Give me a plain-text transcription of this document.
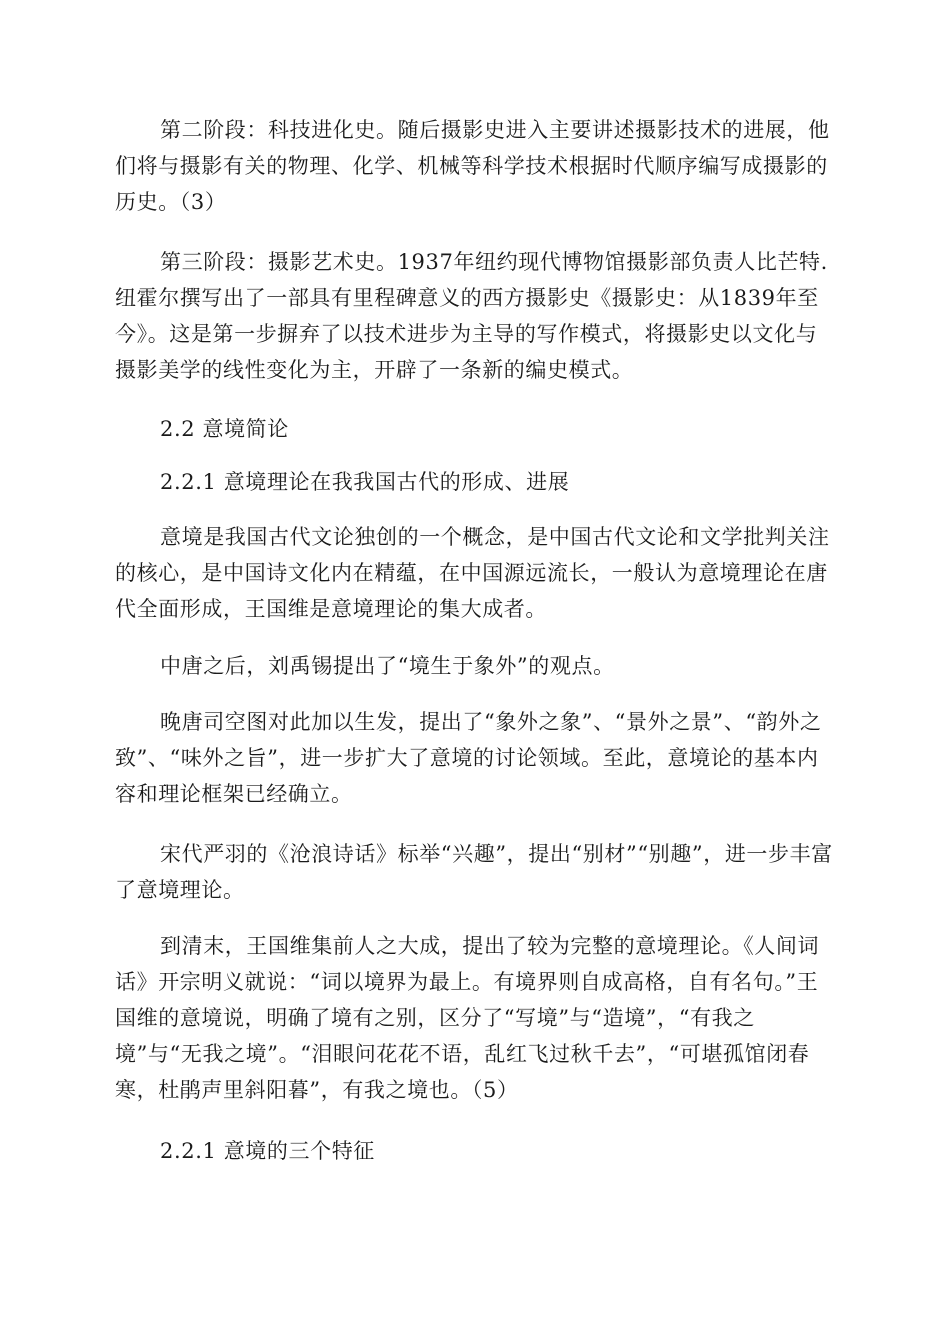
第二阶段：科技进化史。随后摄影史进入主要讲述摄影技术的进展，他们将与摄影有关的物理、化学、机械等科学技术根据时代顺序编写成摄影的历史。（3）

第三阶段：摄影艺术史。1937年纽约现代博物馆摄影部负责人比芒特.纽霍尔撰写出了一部具有里程碑意义的西方摄影史《摄影史：从1839年至今》。这是第一步摒弃了以技术进步为主导的写作模式，将摄影史以文化与摄影美学的线性变化为主，开辟了一条新的编史模式。

2.2 意境简论
2.2.1 意境理论在我我国古代的形成、进展

意境是我国古代文论独创的一个概念，是中国古代文论和文学批判关注的核心，是中国诗文化内在精蕴，在中国源远流长，一般认为意境理论在唐代全面形成，王国维是意境理论的集大成者。

中唐之后，刘禹锡提出了“境生于象外”的观点。

晚唐司空图对此加以生发，提出了“象外之象”、“景外之景”、“韵外之致”、“味外之旨”，进一步扩大了意境的讨论领域。至此，意境论的基本内容和理论框架已经确立。

宋代严羽的《沧浪诗话》标举“兴趣”，提出“别材”“别趣”，进一步丰富了意境理论。

到清末，王国维集前人之大成，提出了较为完整的意境理论。《人间词话》开宗明义就说：“词以境界为最上。有境界则自成高格，自有名句。”王国维的意境说，明确了境有之别，区分了“写境”与“造境”，“有我之境”与“无我之境”。“泪眼问花花不语，乱红飞过秋千去”，“可堪孤馆闭春寒，杜鹃声里斜阳暮”，有我之境也。（5）

2.2.1 意境的三个特征
